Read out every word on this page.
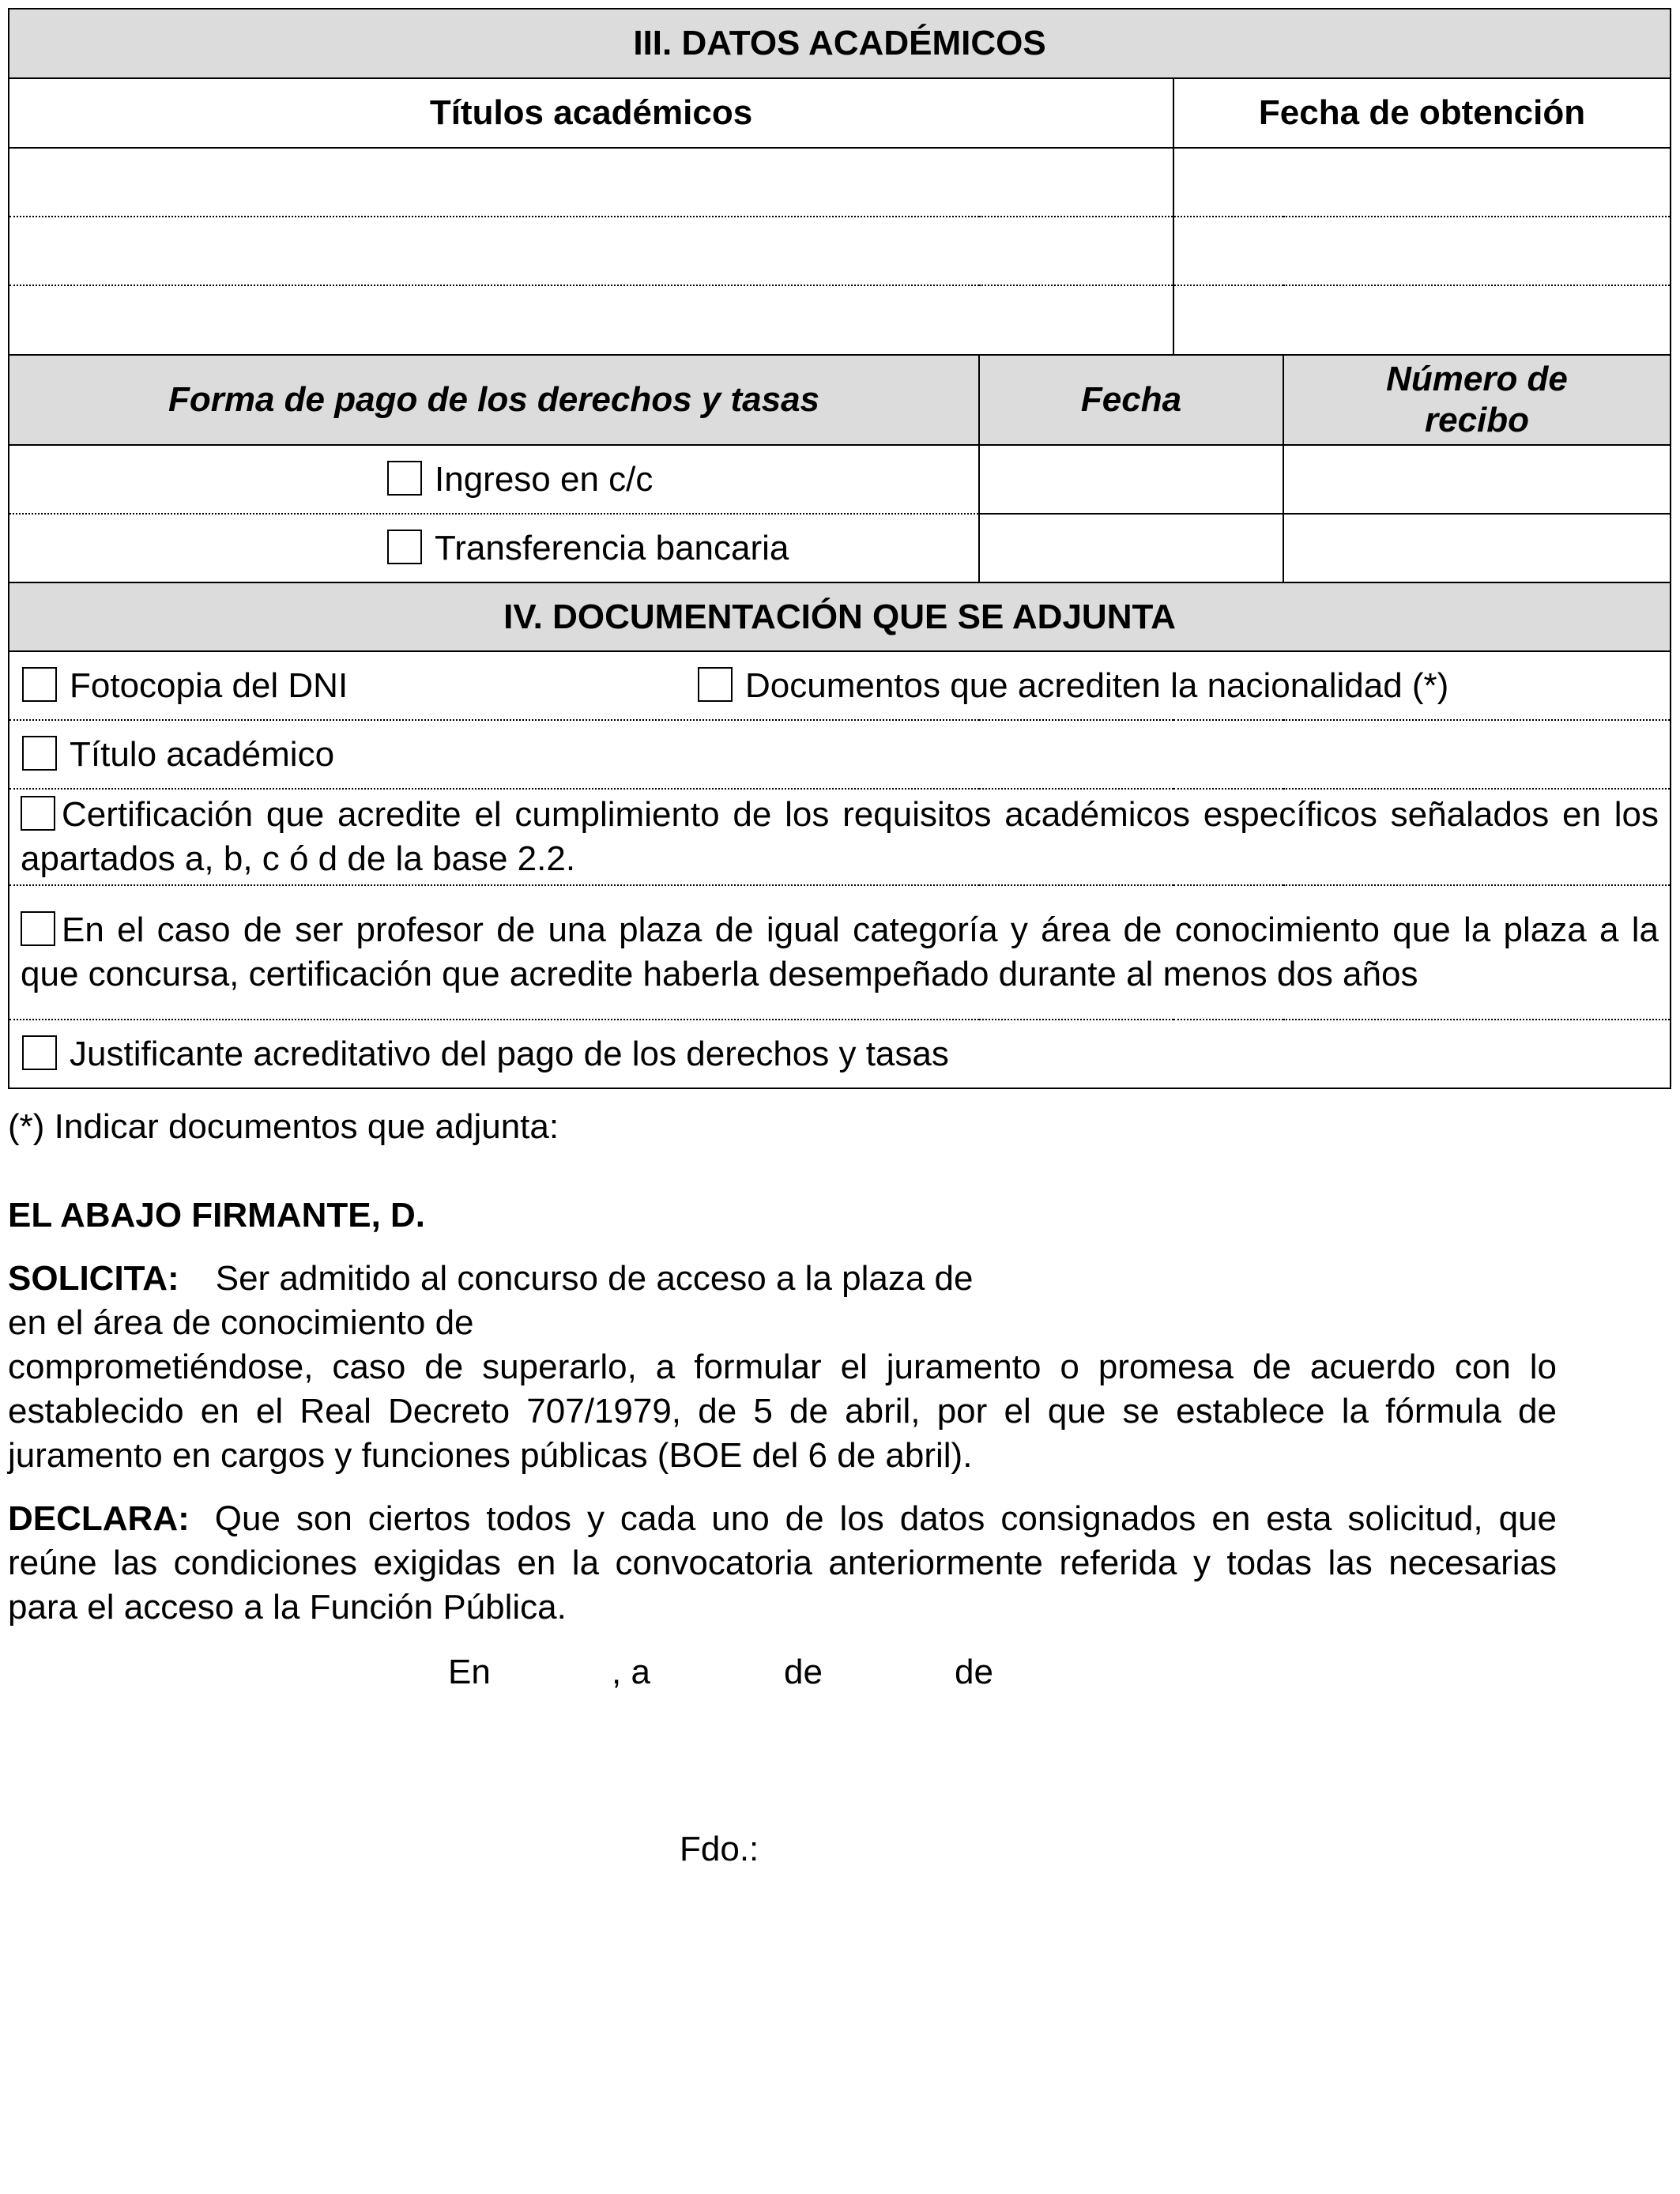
III. DATOS ACADÉMICOS			
Títulos académicos		Fecha de obtención	

Forma de pago de los derechos y tasas	Fecha		Número de recibo
Ingreso en c/c			
Transferencia bancaria			
IV. DOCUMENTACIÓN QUE SE ADJUNTA			
Fotocopia del DNI Documentos que acrediten la nacionalidad (*)			
Título académico			
Certificación que acredite el cumplimiento de los requisitos académicos específicos señalados en los apartados a, b, c ó d de la base 2.2.			
En el caso de ser profesor de una plaza de igual categoría y área de conocimiento que la plaza a la que concursa, certificación que acredite haberla desempeñado durante al menos dos años			
Justificante acreditativo del pago de los derechos y tasas			
(*) Indicar documentos que adjunta:
EL ABAJO FIRMANTE, D.
SOLICITA: Ser admitido al concurso de acceso a la plaza de
en el área de conocimiento de
comprometiéndose, caso de superarlo, a formular el juramento o promesa de acuerdo con lo establecido en el Real Decreto 707/1979, de 5 de abril, por el que se establece la fórmula de juramento en cargos y funciones públicas (BOE del 6 de abril).
DECLARA: Que son ciertos todos y cada uno de los datos consignados en esta solicitud, que reúne las condiciones exigidas en la convocatoria anteriormente referida y todas las necesarias para el acceso a la Función Pública.
En	, a	de	de
Fdo.:
